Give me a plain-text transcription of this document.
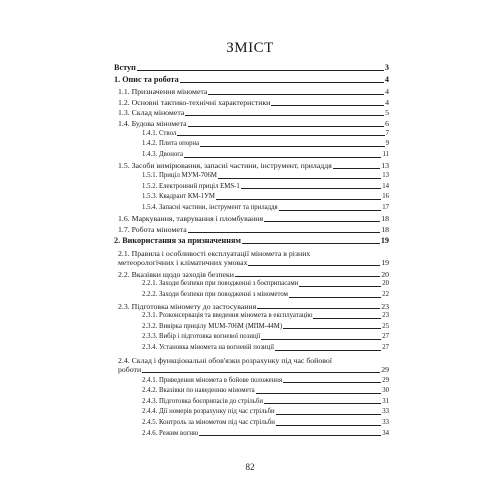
ЗМІСТ
Вступ	3
1. Опис та робота	4
1.1. Призначення міномета	4
1.2. Основні тактико-технічні характеристики	4
1.3. Склад міномета	5
1.4. Будова міномета	6
1.4.1. Ствол	7
1.4.2. Плита опорна	9
1.4.3. Двонога	11
1.5. Засоби вимірювання, запасні частини, інструмент, приладдя	13
1.5.1. Приціл МУМ-706М	13
1.5.2. Електронний приціл EMS-1	14
1.5.3. Квадрант КМ-1УМ	16
1.5.4. Запасні частини, інструмент та приладдя	17
1.6. Маркування, таврування і пломбування	18
1.7. Робота міномета	18
2. Використання за призначенням	19
2.1. Правила і особливості експлуатації міномета в різних
метеорологічних і кліматичних умовах	19
2.2. Вказівки щодо заходів безпеки	20
2.2.1. Заходи безпеки при поводженні з боєприпасами	20
2.2.2. Заходи безпеки при поводженні з мінометом	22
2.3. Підготовка міномету до застосування	23
2.3.1. Розконсервація та введення міномета в експлуатацію	23
2.3.2. Вивірка прицілу MUM-706M (МПМ-44М)	25
2.3.3. Вибір і підготовка вогневої позиції	27
2.3.4. Установка міномета на вогневій позиції	27
2.4. Склад і функціональні обов'язки розрахунку під час бойової
роботи	29
2.4.1. Приведення міномета в бойове положення	29
2.4.2. Вказівки по наведенню міномета	30
2.4.3. Підготовка боєприпасів до стрільби	31
2.4.4. Дії номерів розрахунку під час стрільби	33
2.4.5. Контроль за мінометом під час стрільби	33
2.4.6. Режим вогню	34
82
